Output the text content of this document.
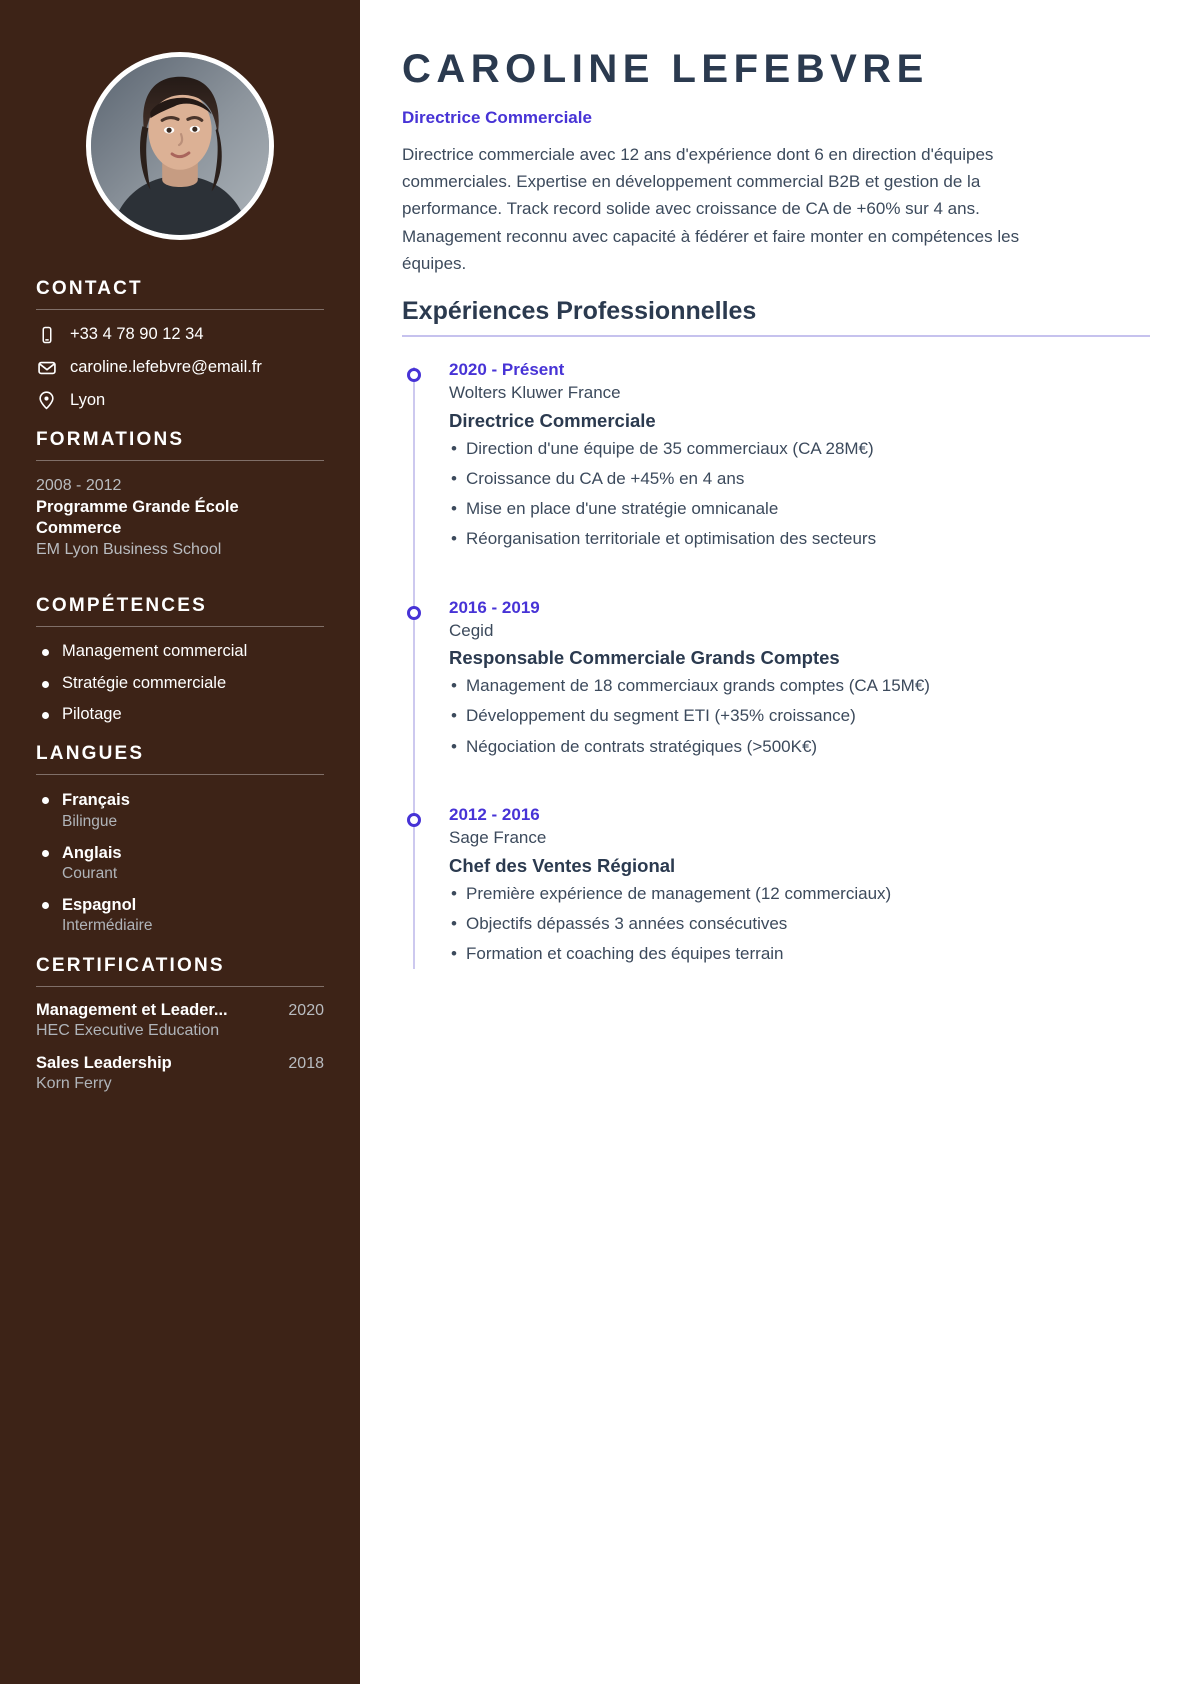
CONTACT
+33 4 78 90 12 34
caroline.lefebvre@email.fr
Lyon
FORMATIONS
2008 - 2012
Programme Grande École Commerce
EM Lyon Business School
COMPÉTENCES
Management commercial
Stratégie commerciale
Pilotage
LANGUES
Français
Bilingue
Anglais
Courant
Espagnol
Intermédiaire
CERTIFICATIONS
Management et Leader...	2020
HEC Executive Education
Sales Leadership	2018
Korn Ferry
CAROLINE LEFEBVRE
Directrice Commerciale

Directrice commerciale avec 12 ans d'expérience dont 6 en direction d'équipes commerciales. Expertise en développement commercial B2B et gestion de la performance. Track record solide avec croissance de CA de +60% sur 4 ans. Management reconnu avec capacité à fédérer et faire monter en compétences les équipes.

Expériences Professionnelles
2020 - Présent
Wolters Kluwer France
Directrice Commerciale
• Direction d'une équipe de 35 commerciaux (CA 28M€)
• Croissance du CA de +45% en 4 ans
• Mise en place d'une stratégie omnicanale
• Réorganisation territoriale et optimisation des secteurs
2016 - 2019
Cegid
Responsable Commerciale Grands Comptes
• Management de 18 commerciaux grands comptes (CA 15M€)
• Développement du segment ETI (+35% croissance)
• Négociation de contrats stratégiques (>500K€)
2012 - 2016
Sage France
Chef des Ventes Régional
• Première expérience de management (12 commerciaux)
• Objectifs dépassés 3 années consécutives
• Formation et coaching des équipes terrain
